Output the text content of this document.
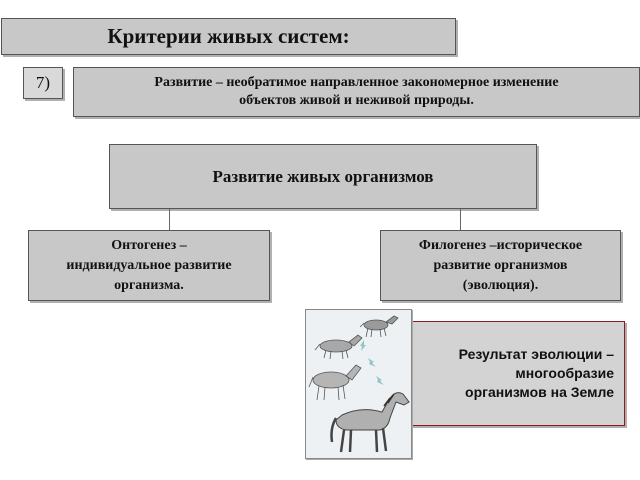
Критерии живых систем:
7)	Развитие – необратимое направленное закономерное изменение
объектов живой и неживой природы.
Развитие живых организмов
Онтогенез –
индивидуальное развитие
организма.
Филогенез –историческое
развитие организмов
(эволюция).
Результат эволюции –
многообразие
организмов на Земле
